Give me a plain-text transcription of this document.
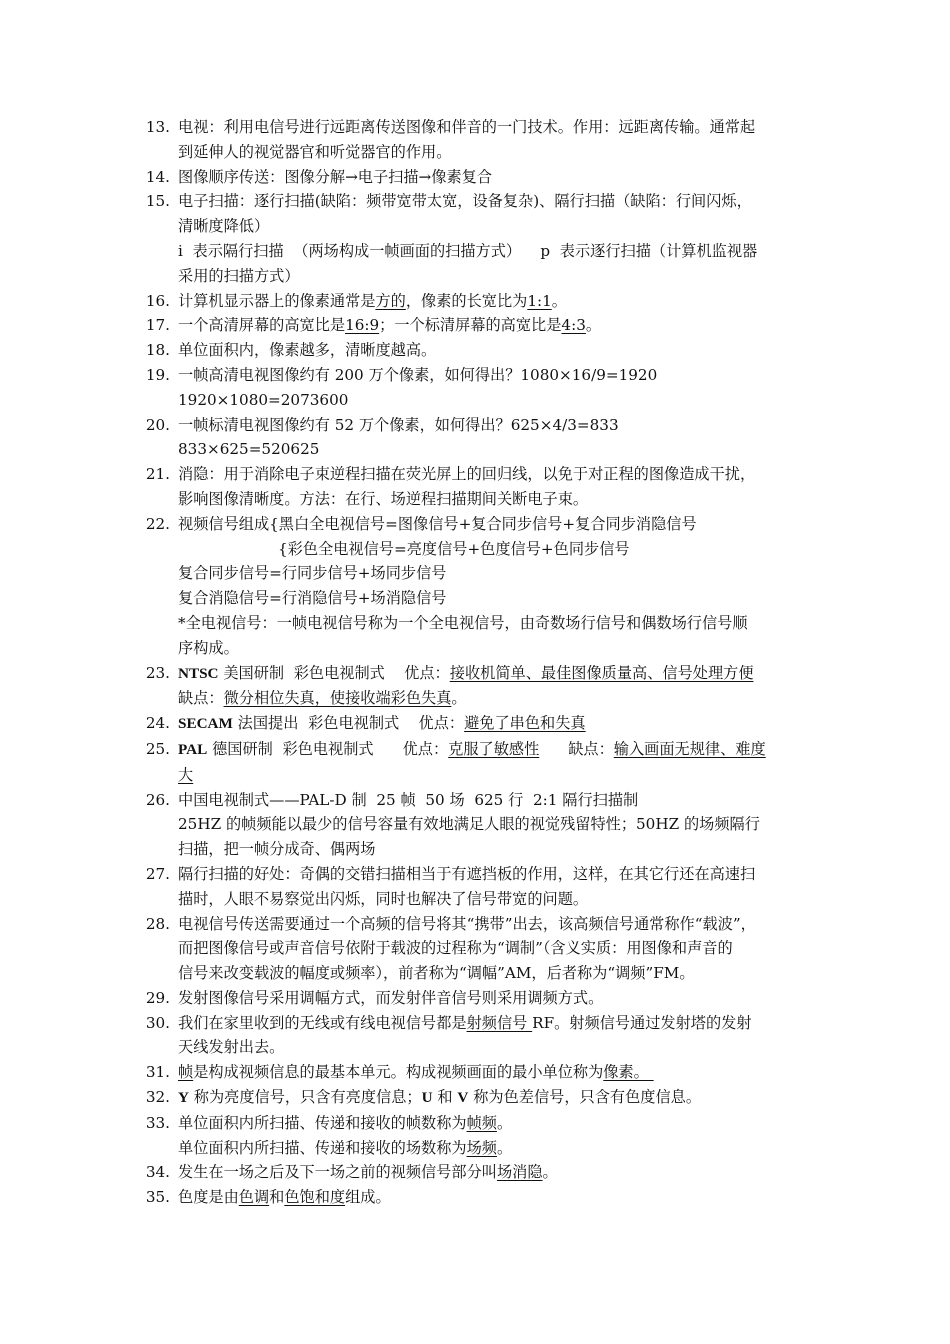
13. 电视：利用电信号进行远距离传送图像和伴音的一门技术。作用：远距离传输。通常起
到延伸人的视觉器官和听觉器官的作用。
14. 图像顺序传送：图像分解→电子扫描→像素复合
15. 电子扫描：逐行扫描(缺陷：频带宽带太宽，设备复杂)、隔行扫描（缺陷：行间闪烁，
清晰度降低）
i  表示隔行扫描  （两场构成一帧画面的扫描方式）    p  表示逐行扫描（计算机监视器
采用的扫描方式）
16. 计算机显示器上的像素通常是方的，像素的长宽比为1:1。
17. 一个高清屏幕的高宽比是16:9；一个标清屏幕的高宽比是4:3。
18. 单位面积内，像素越多，清晰度越高。
19. 一帧高清电视图像约有 200 万个像素，如何得出？1080×16/9=1920
1920×1080=2073600
20. 一帧标清电视图像约有 52 万个像素，如何得出？625×4/3=833
833×625=520625
21. 消隐：用于消除电子束逆程扫描在荧光屏上的回归线，以免于对正程的图像造成干扰，
影响图像清晰度。方法：在行、场逆程扫描期间关断电子束。
22. 视频信号组成{黑白全电视信号=图像信号+复合同步信号+复合同步消隐信号
{彩色全电视信号=亮度信号+色度信号+色同步信号
复合同步信号=行同步信号+场同步信号
复合消隐信号=行消隐信号+场消隐信号
*全电视信号：一帧电视信号称为一个全电视信号，由奇数场行信号和偶数场行信号顺
序构成。
23. NTSC 美国研制  彩色电视制式    优点：接收机简单、最佳图像质量高、信号处理方便
缺点：微分相位失真，使接收端彩色失真。
24. SECAM 法国提出  彩色电视制式    优点：避免了串色和失真
25. PAL 德国研制  彩色电视制式      优点：克服了敏感性      缺点：输入画面无规律、难度
大
26. 中国电视制式——PAL-D 制  25 帧  50 场  625 行  2:1 隔行扫描制
25HZ 的帧频能以最少的信号容量有效地满足人眼的视觉残留特性；50HZ 的场频隔行
扫描，把一帧分成奇、偶两场
27. 隔行扫描的好处：奇偶的交错扫描相当于有遮挡板的作用，这样，在其它行还在高速扫
描时，人眼不易察觉出闪烁，同时也解决了信号带宽的问题。
28. 电视信号传送需要通过一个高频的信号将其“携带”出去，该高频信号通常称作“载波”，
而把图像信号或声音信号依附于载波的过程称为“调制”（含义实质：用图像和声音的
信号来改变载波的幅度或频率），前者称为“调幅”AM，后者称为“调频”FM。
29. 发射图像信号采用调幅方式，而发射伴音信号则采用调频方式。
30. 我们在家里收到的无线或有线电视信号都是射频信号 RF。射频信号通过发射塔的发射
天线发射出去。
31. 帧是构成视频信息的最基本单元。构成视频画面的最小单位称为像素。
32. Y 称为亮度信号，只含有亮度信息；U 和 V 称为色差信号，只含有色度信息。
33. 单位面积内所扫描、传递和接收的帧数称为帧频。
单位面积内所扫描、传递和接收的场数称为场频。
34. 发生在一场之后及下一场之前的视频信号部分叫场消隐。
35. 色度是由色调和色饱和度组成。
